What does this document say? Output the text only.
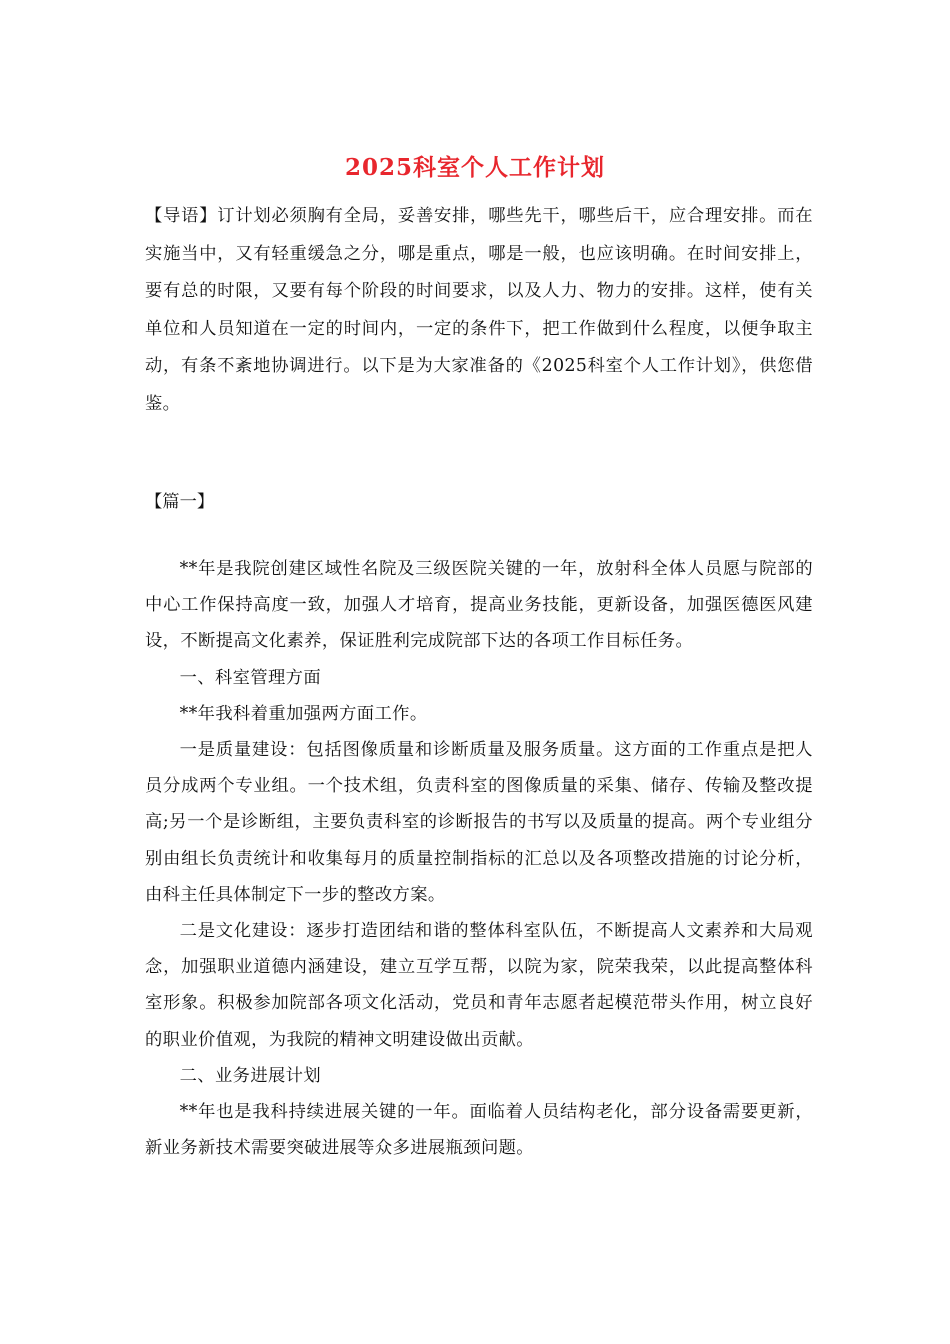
2025科室个人工作计划

【导语】订计划必须胸有全局，妥善安排，哪些先干，哪些后干，应合理安排。而在实施当中，又有轻重缓急之分，哪是重点，哪是一般，也应该明确。在时间安排上，要有总的时限，又要有每个阶段的时间要求，以及人力、物力的安排。这样，使有关单位和人员知道在一定的时间内，一定的条件下，把工作做到什么程度，以便争取主动，有条不紊地协调进行。以下是为大家准备的《2025科室个人工作计划》，供您借鉴。

【篇一】

**年是我院创建区域性名院及三级医院关键的一年，放射科全体人员愿与院部的中心工作保持高度一致，加强人才培育，提高业务技能，更新设备，加强医德医风建设，不断提高文化素养，保证胜利完成院部下达的各项工作目标任务。

一、科室管理方面

**年我科着重加强两方面工作。

一是质量建设：包括图像质量和诊断质量及服务质量。这方面的工作重点是把人员分成两个专业组。一个技术组，负责科室的图像质量的采集、储存、传输及整改提高;另一个是诊断组，主要负责科室的诊断报告的书写以及质量的提高。两个专业组分别由组长负责统计和收集每月的质量控制指标的汇总以及各项整改措施的讨论分析，由科主任具体制定下一步的整改方案。

二是文化建设：逐步打造团结和谐的整体科室队伍，不断提高人文素养和大局观念，加强职业道德内涵建设，建立互学互帮，以院为家，院荣我荣，以此提高整体科室形象。积极参加院部各项文化活动，党员和青年志愿者起模范带头作用，树立良好的职业价值观，为我院的精神文明建设做出贡献。

二、业务进展计划

**年也是我科持续进展关键的一年。面临着人员结构老化，部分设备需要更新，新业务新技术需要突破进展等众多进展瓶颈问题。
